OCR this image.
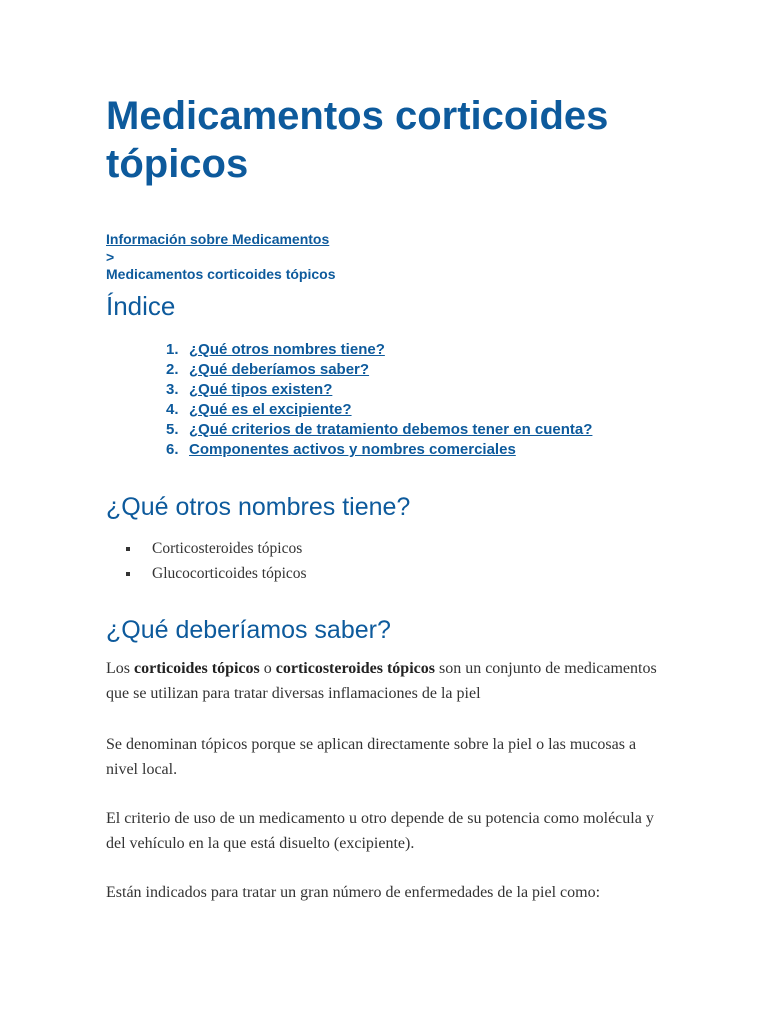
Medicamentos corticoides tópicos
Información sobre Medicamentos
>
Medicamentos corticoides tópicos
Índice
1. ¿Qué otros nombres tiene?
2. ¿Qué deberíamos saber?
3. ¿Qué tipos existen?
4. ¿Qué es el excipiente?
5. ¿Qué criterios de tratamiento debemos tener en cuenta?
6. Componentes activos y nombres comerciales
¿Qué otros nombres tiene?
Corticosteroides tópicos
Glucocorticoides tópicos
¿Qué deberíamos saber?

Los corticoides tópicos o corticosteroides tópicos son un conjunto de medicamentos que se utilizan para tratar diversas inflamaciones de la piel

Se denominan tópicos porque se aplican directamente sobre la piel o las mucosas a nivel local.

El criterio de uso de un medicamento u otro depende de su potencia como molécula y del vehículo en la que está disuelto (excipiente).

Están indicados para tratar un gran número de enfermedades de la piel como:
